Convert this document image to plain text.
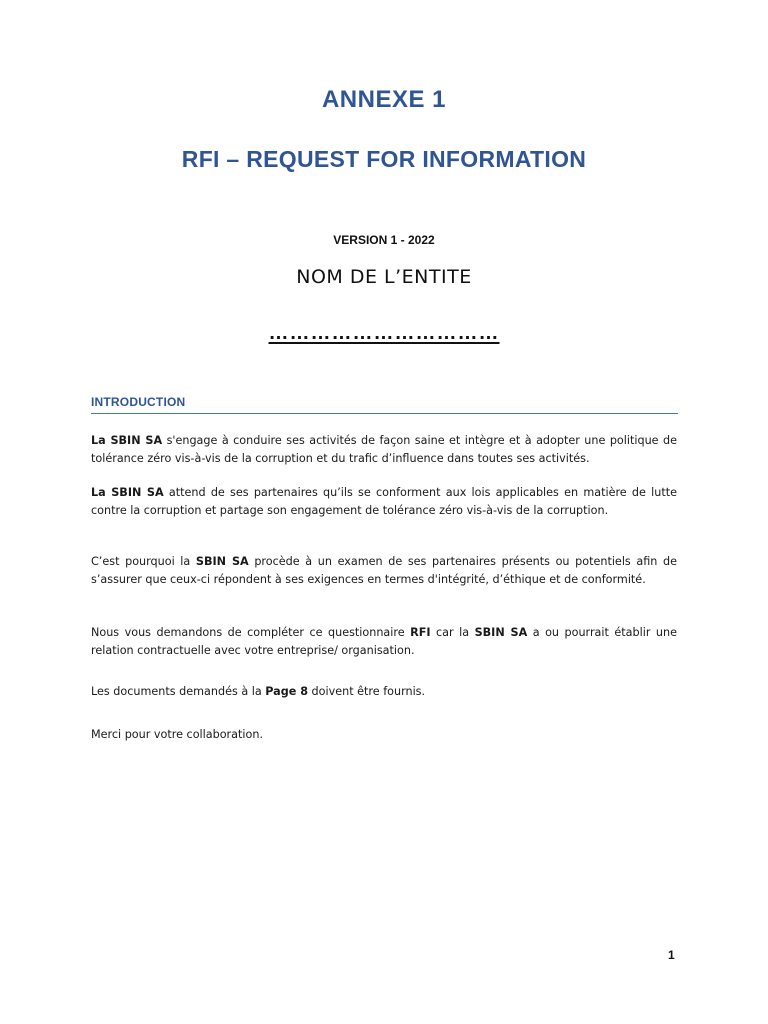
ANNEXE 1
RFI – REQUEST FOR INFORMATION
VERSION 1 - 2022
NOM DE L’ENTITE
……………………………
INTRODUCTION
La SBIN SA s'engage à conduire ses activités de façon saine et intègre et à adopter une politique de tolérance zéro vis-à-vis de la corruption et du trafic d’influence dans toutes ses activités.
La SBIN SA attend de ses partenaires qu’ils se conforment aux lois applicables en matière de lutte contre la corruption et partage son engagement de tolérance zéro vis-à-vis de la corruption.
C’est pourquoi la SBIN SA procède à un examen de ses partenaires présents ou potentiels afin de s’assurer que ceux-ci répondent à ses exigences en termes d'intégrité, d’éthique et de conformité.
Nous vous demandons de compléter ce questionnaire RFI car la SBIN SA a ou pourrait établir une relation contractuelle avec votre entreprise/ organisation.
Les documents demandés à la Page 8 doivent être fournis.
Merci pour votre collaboration.
1
